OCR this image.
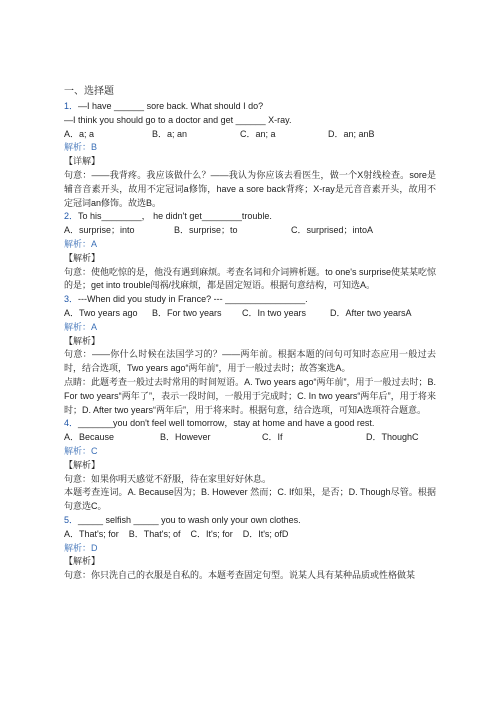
一、选择题
1．—I have ______ sore back. What should I do?
—I think you should go to a doctor and get ______ X-ray.
A．a; a	B．a; an	C．an; a	D．an; anB
解析：B
【详解】
句意：——我背疼。我应该做什么？——我认为你应该去看医生，做一个X射线检查。sore是辅音音素开头，故用不定冠词a修饰，have a sore back背疼；X-ray是元音音素开头，故用不定冠词an修饰。故选B。
2．To his________， he didn't get________trouble.
A．surprise；into	B．surprise；to	C．surprised；intoA
解析：A
【解析】
句意：使他吃惊的是，他没有遇到麻烦。考查名词和介词辨析题。to one's surprise使某某吃惊的是；get into trouble闯祸/找麻烦，都是固定短语。根据句意结构，可知选A。
3．---When did you study in France? --- ________________.
A．Two years ago	B．For two years	C．In two years	D．After two yearsA
解析：A
【解析】
句意：——你什么时候在法国学习的？——两年前。根据本题的问句可知时态应用一般过去时，结合选项，Two years ago“两年前”，用于一般过去时；故答案选A。
点睛：此题考查一般过去时常用的时间短语。A. Two years ago“两年前”，用于一般过去时；B. For two years“两年了”，表示一段时间，一般用于完成时；C. In two years“两年后”，用于将来时；D. After two years“两年后”，用于将来时。根据句意，结合选项，可知A选项符合题意。
4．_______you don't feel well tomorrow，stay at home and have a good rest.
A．Because	B．However	C．If	D．ThoughC
解析：C
【解析】
句意：如果你明天感觉不舒服，待在家里好好休息。
本题考查连词。A. Because因为；B. However 然而；C. If如果，是否；D. Though尽管。根据句意选C。
5．_____ selfish _____ you to wash only your own clothes.
A．That's; for    B．That's; of    C．It's; for    D．It's; ofD
解析：D
【解析】
句意：你只洗自己的衣服是自私的。本题考查固定句型。说某人具有某种品质或性格做某
